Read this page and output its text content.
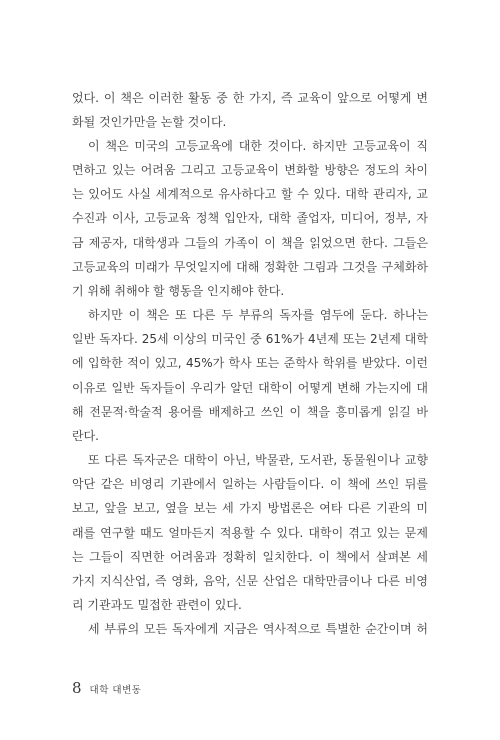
었다. 이 책은 이러한 활동 중 한 가지, 즉 교육이 앞으로 어떻게 변
화될 것인가만을 논할 것이다.
이 책은 미국의 고등교육에 대한 것이다. 하지만 고등교육이 직
면하고 있는 어려움 그리고 고등교육이 변화할 방향은 정도의 차이
는 있어도 사실 세계적으로 유사하다고 할 수 있다. 대학 관리자, 교
수진과 이사, 고등교육 정책 입안자, 대학 졸업자, 미디어, 정부, 자
금 제공자, 대학생과 그들의 가족이 이 책을 읽었으면 한다. 그들은
고등교육의 미래가 무엇일지에 대해 정확한 그림과 그것을 구체화하
기 위해 취해야 할 행동을 인지해야 한다.
하지만 이 책은 또 다른 두 부류의 독자를 염두에 둔다. 하나는
일반 독자다. 25세 이상의 미국인 중 61%가 4년제 또는 2년제 대학
에 입학한 적이 있고, 45%가 학사 또는 준학사 학위를 받았다. 이런
이유로 일반 독자들이 우리가 알던 대학이 어떻게 변해 가는지에 대
해 전문적·학술적 용어를 배제하고 쓰인 이 책을 흥미롭게 읽길 바
란다.
또 다른 독자군은 대학이 아닌, 박물관, 도서관, 동물원이나 교향
악단 같은 비영리 기관에서 일하는 사람들이다. 이 책에 쓰인 뒤를
보고, 앞을 보고, 옆을 보는 세 가지 방법론은 여타 다른 기관의 미
래를 연구할 때도 얼마든지 적용할 수 있다. 대학이 겪고 있는 문제
는 그들이 직면한 어려움과 정확히 일치한다. 이 책에서 살펴본 세
가지 지식산업, 즉 영화, 음악, 신문 산업은 대학만큼이나 다른 비영
리 기관과도 밀접한 관련이 있다.
세 부류의 모든 독자에게 지금은 역사적으로 특별한 순간이며 허
8 대학 대변동
